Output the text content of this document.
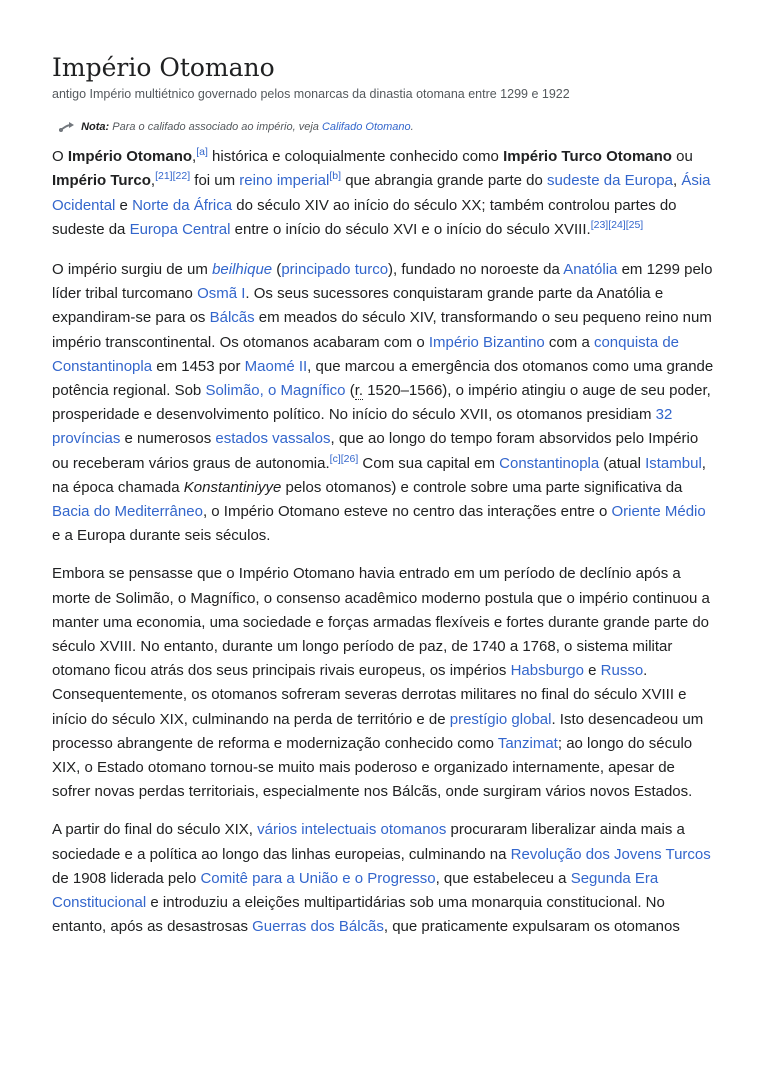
Império Otomano
antigo Império multiétnico governado pelos monarcas da dinastia otomana entre 1299 e 1922
Nota: Para o califado associado ao império, veja Califado Otomano.

O Império Otomano,[a] histórica e coloquialmente conhecido como Império Turco Otomano ou Império Turco,[21][22] foi um reino imperial[b] que abrangia grande parte do sudeste da Europa, Ásia Ocidental e Norte da África do século XIV ao início do século XX; também controlou partes do sudeste da Europa Central entre o início do século XVI e o início do século XVIII.[23][24][25]

O império surgiu de um beilhique (principado turco), fundado no noroeste da Anatólia em 1299 pelo líder tribal turcomano Osmã I. Os seus sucessores conquistaram grande parte da Anatólia e expandiram-se para os Bálcãs em meados do século XIV, transformando o seu pequeno reino num império transcontinental. Os otomanos acabaram com o Império Bizantino com a conquista de Constantinopla em 1453 por Maomé II, que marcou a emergência dos otomanos como uma grande potência regional. Sob Solimão, o Magnífico (r. 1520–1566), o império atingiu o auge de seu poder, prosperidade e desenvolvimento político. No início do século XVII, os otomanos presidiam 32 províncias e numerosos estados vassalos, que ao longo do tempo foram absorvidos pelo Império ou receberam vários graus de autonomia.[c][26] Com sua capital em Constantinopla (atual Istambul, na época chamada Konstantiniyye pelos otomanos) e controle sobre uma parte significativa da Bacia do Mediterrâneo, o Império Otomano esteve no centro das interações entre o Oriente Médio e a Europa durante seis séculos.

Embora se pensasse que o Império Otomano havia entrado em um período de declínio após a morte de Solimão, o Magnífico, o consenso acadêmico moderno postula que o império continuou a manter uma economia, uma sociedade e forças armadas flexíveis e fortes durante grande parte do século XVIII. No entanto, durante um longo período de paz, de 1740 a 1768, o sistema militar otomano ficou atrás dos seus principais rivais europeus, os impérios Habsburgo e Russo. Consequentemente, os otomanos sofreram severas derrotas militares no final do século XVIII e início do século XIX, culminando na perda de território e de prestígio global. Isto desencadeou um processo abrangente de reforma e modernização conhecido como Tanzimat; ao longo do século XIX, o Estado otomano tornou-se muito mais poderoso e organizado internamente, apesar de sofrer novas perdas territoriais, especialmente nos Bálcãs, onde surgiram vários novos Estados.

A partir do final do século XIX, vários intelectuais otomanos procuraram liberalizar ainda mais a sociedade e a política ao longo das linhas europeias, culminando na Revolução dos Jovens Turcos de 1908 liderada pelo Comitê para a União e o Progresso, que estabeleceu a Segunda Era Constitucional e introduziu a eleições multipartidárias sob uma monarquia constitucional. No entanto, após as desastrosas Guerras dos Bálcãs, que praticamente expulsaram os otomanos
